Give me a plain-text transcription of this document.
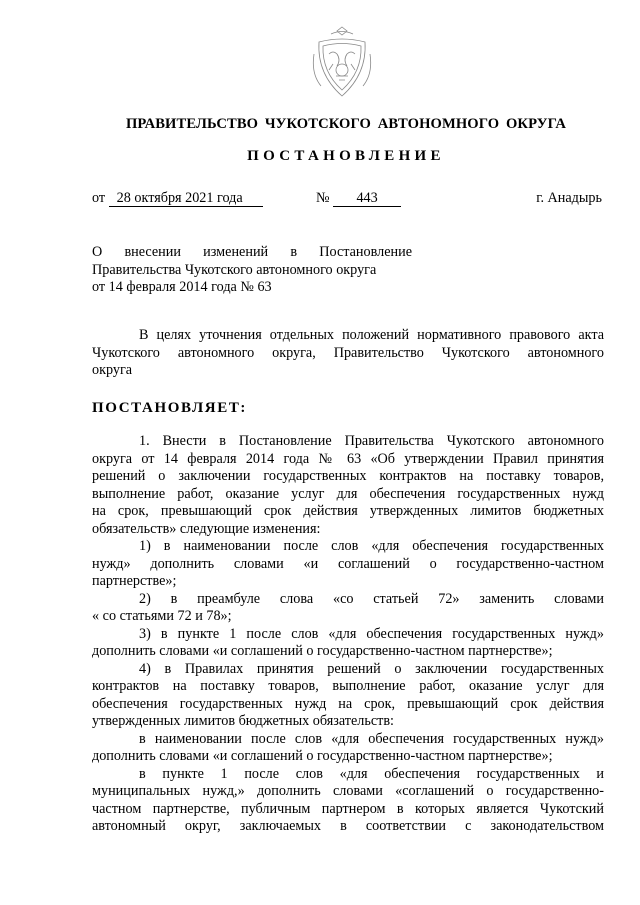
ПРАВИТЕЛЬСТВО ЧУКОТСКОГО АВТОНОМНОГО ОКРУГА
ПОСТАНОВЛЕНИЕ
от 28 октября 2021 года	№ 443	г. Анадырь
О внесении изменений в Постановление
Правительства Чукотского автономного округа
от 14 февраля 2014 года № 63
В целях уточнения отдельных положений нормативного правового акта
Чукотского автономного округа, Правительство Чукотского автономного
округа
ПОСТАНОВЛЯЕТ:
1. Внести в Постановление Правительства Чукотского автономного
округа от 14 февраля 2014 года № 63 «Об утверждении Правил принятия
решений о заключении государственных контрактов на поставку товаров,
выполнение работ, оказание услуг для обеспечения государственных нужд
на срок, превышающий срок действия утвержденных лимитов бюджетных
обязательств» следующие изменения:
1) в наименовании после слов «для обеспечения государственных
нужд» дополнить словами «и соглашений о государственно-частном
партнерстве»;
2) в преамбуле слова «со статьей 72» заменить словами
« со статьями 72 и 78»;
3) в пункте 1 после слов «для обеспечения государственных нужд»
дополнить словами «и соглашений о государственно-частном партнерстве»;
4) в Правилах принятия решений о заключении государственных
контрактов на поставку товаров, выполнение работ, оказание услуг для
обеспечения государственных нужд на срок, превышающий срок действия
утвержденных лимитов бюджетных обязательств:
в наименовании после слов «для обеспечения государственных нужд»
дополнить словами «и соглашений о государственно-частном партнерстве»;
в пункте 1 после слов «для обеспечения государственных и
муниципальных нужд,» дополнить словами «соглашений о государственно-
частном партнерстве, публичным партнером в которых является Чукотский
автономный округ, заключаемых в соответствии с законодательством
